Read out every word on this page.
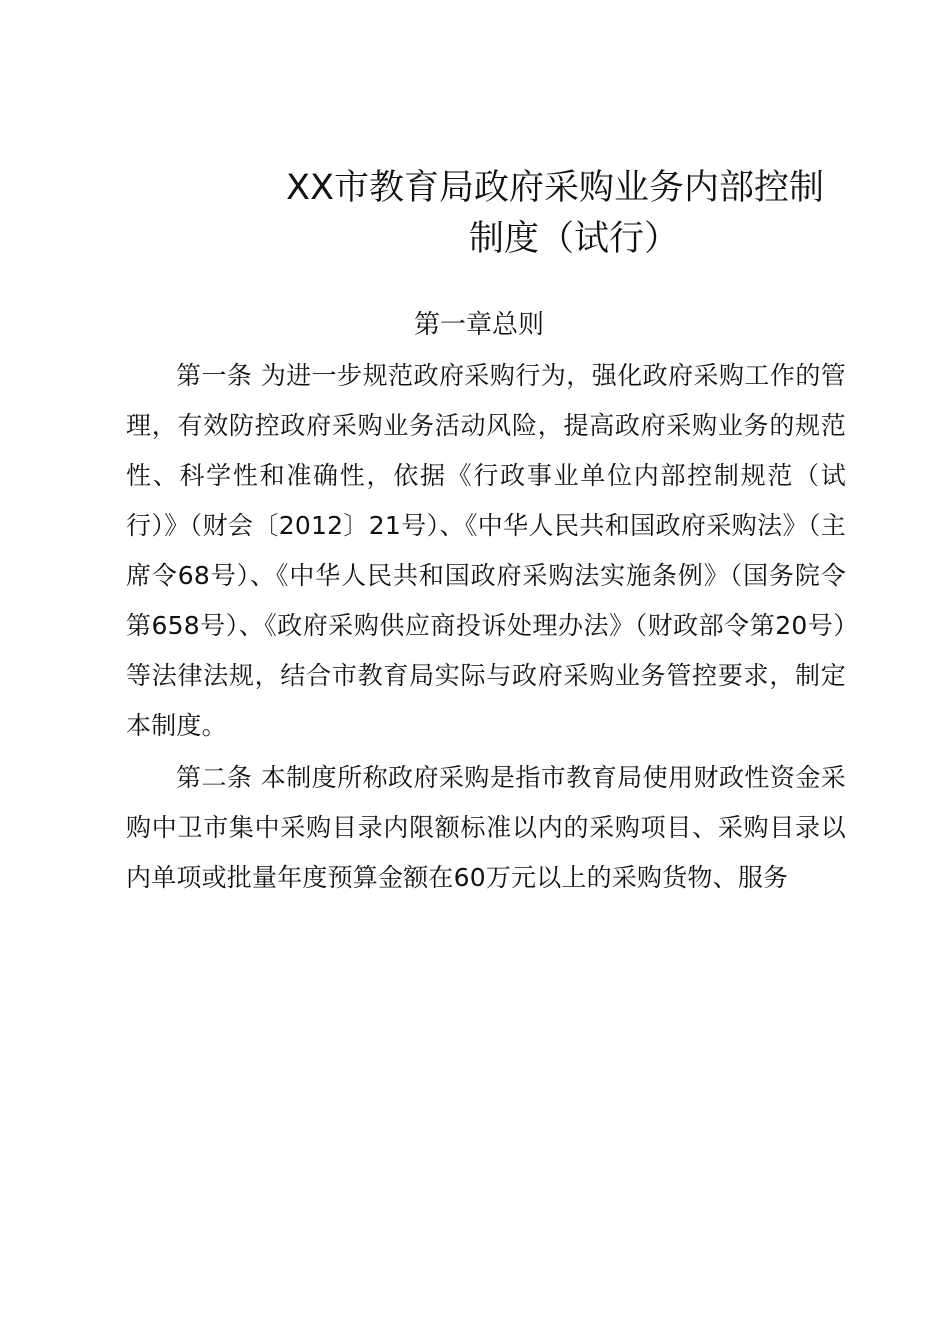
XX市教育局政府采购业务内部控制
制度（试行）
第一章总则

第一条 为进一步规范政府采购行为，强化政府采购工作的管理，有效防控政府采购业务活动风险，提高政府采购业务的规范性、科学性和准确性，依据《行政事业单位内部控制规范（试行）》（财会〔2012〕21号）、《中华人民共和国政府采购法》（主席令68号）、《中华人民共和国政府采购法实施条例》（国务院令第658号）、《政府采购供应商投诉处理办法》（财政部令第20号）等法律法规，结合市教育局实际与政府采购业务管控要求，制定本制度。

第二条 本制度所称政府采购是指市教育局使用财政性资金采购中卫市集中采购目录内限额标准以内的采购项目、采购目录以内单项或批量年度预算金额在60万元以上的采购货物、服务
